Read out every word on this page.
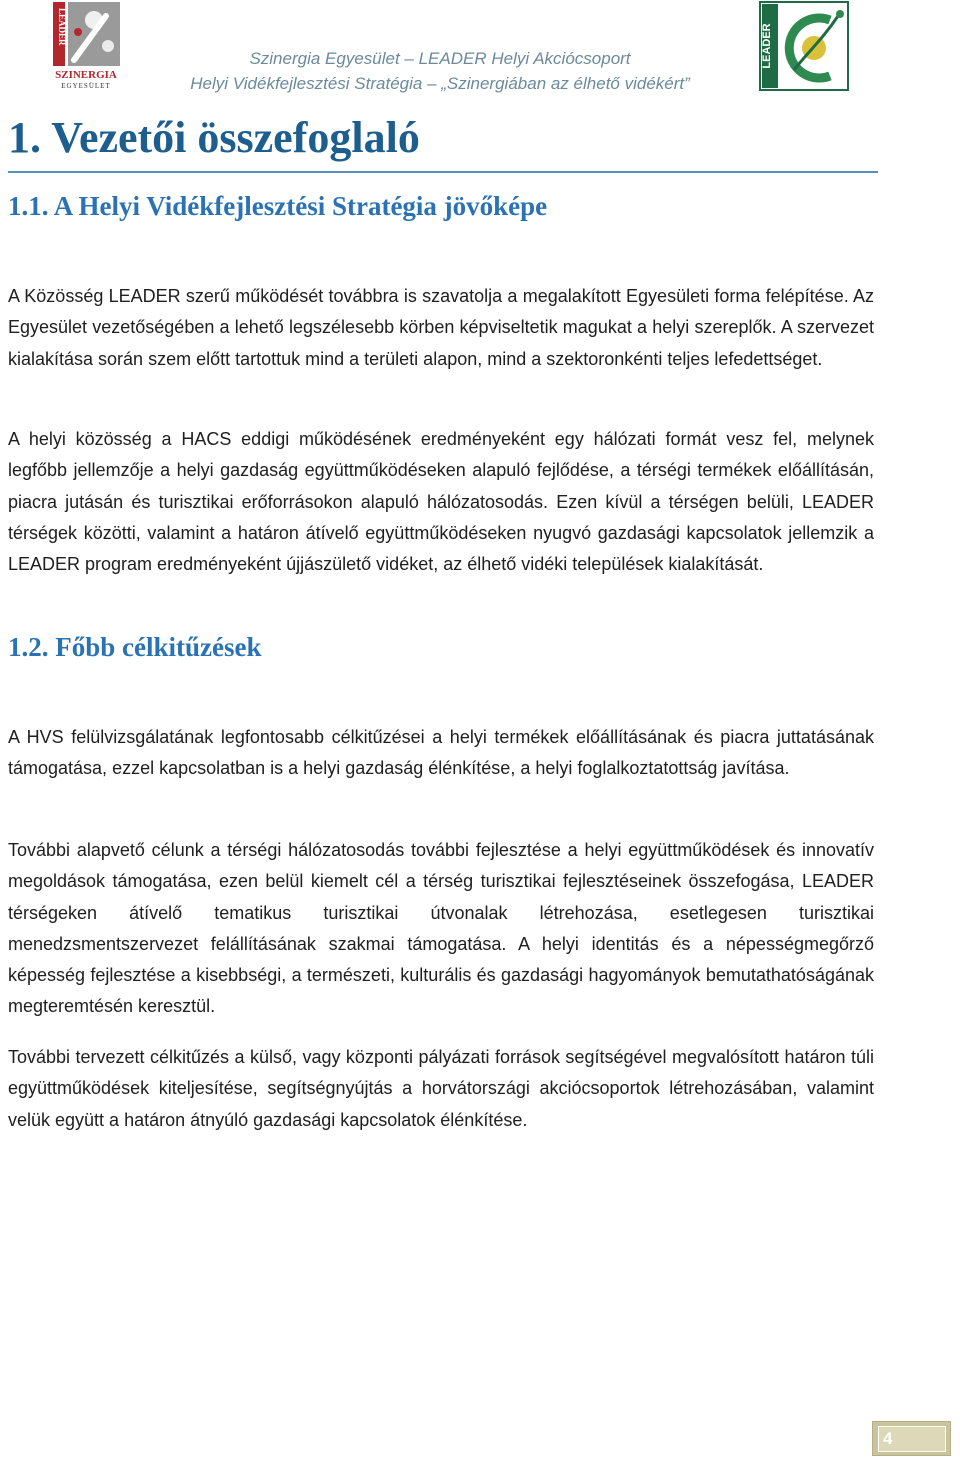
LEADER
SZINERGIA
EGYESÜLET
Szinergia Egyesület – LEADER Helyi Akciócsoport
Helyi Vidékfejlesztési Stratégia – „Szinergiában az élhető vidékért”
LEADER
1. Vezetői összefoglaló
1.1. A Helyi Vidékfejlesztési Stratégia jövőképe

A Közösség LEADER szerű működését továbbra is szavatolja a megalakított Egyesületi forma felépítése. Az Egyesület vezetőségében a lehető legszélesebb körben képviseltetik magukat a helyi szereplők. A szervezet kialakítása során szem előtt tartottuk mind a területi alapon, mind a szektoronkénti teljes lefedettséget.

A helyi közösség a HACS eddigi működésének eredményeként egy hálózati formát vesz fel, melynek legfőbb jellemzője a helyi gazdaság együttműködéseken alapuló fejlődése, a térségi termékek előállításán, piacra jutásán és turisztikai erőforrásokon alapuló hálózatosodás. Ezen kívül a térségen belüli, LEADER térségek közötti, valamint a határon átívelő együttműködéseken nyugvó gazdasági kapcsolatok jellemzik a LEADER program eredményeként újjászülető vidéket, az élhető vidéki települések kialakítását.

1.2. Főbb célkitűzések

A HVS felülvizsgálatának legfontosabb célkitűzései a helyi termékek előállításának és piacra juttatásának támogatása, ezzel kapcsolatban is a helyi gazdaság élénkítése, a helyi foglalkoztatottság javítása.

További alapvető célunk a térségi hálózatosodás további fejlesztése a helyi együttműködések és innovatív megoldások támogatása, ezen belül kiemelt cél a térség turisztikai fejlesztéseinek összefogása, LEADER térségeken átívelő tematikus turisztikai útvonalak létrehozása, esetlegesen turisztikai menedzsmentszervezet felállításának szakmai támogatása. A helyi identitás és a népességmegőrző képesség fejlesztése a kisebbségi, a természeti, kulturális és gazdasági hagyományok bemutathatóságának megteremtésén keresztül.

További tervezett célkitűzés a külső, vagy központi pályázati források segítségével megvalósított határon túli együttműködések kiteljesítése, segítségnyújtás a horvátországi akciócsoportok létrehozásában, valamint velük együtt a határon átnyúló gazdasági kapcsolatok élénkítése.

4
